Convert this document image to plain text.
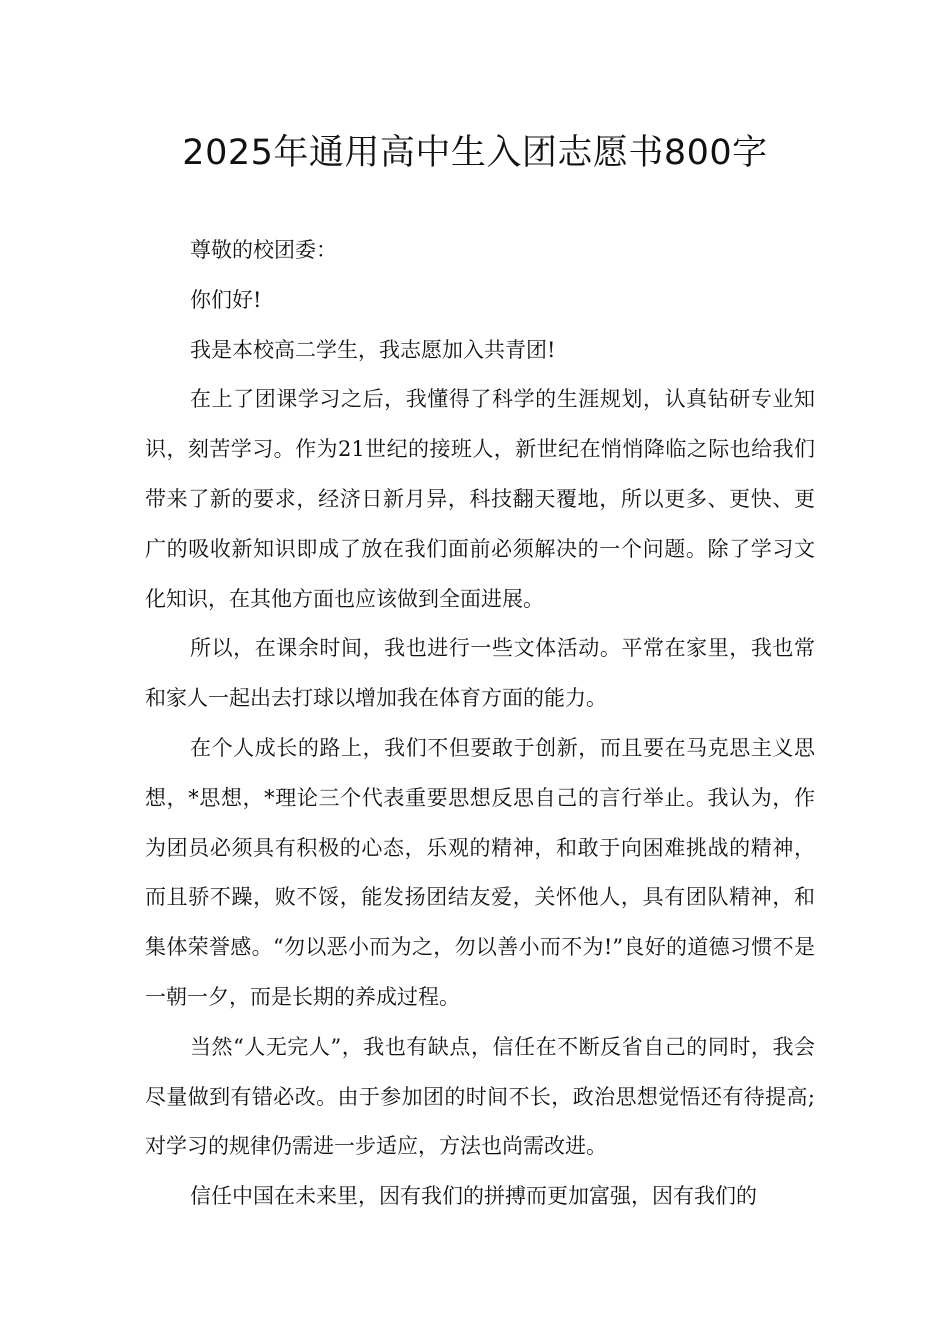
2025年通用高中生入团志愿书800字

尊敬的校团委：

你们好!

我是本校高二学生，我志愿加入共青团!

在上了团课学习之后，我懂得了科学的生涯规划，认真钻研专业知识，刻苦学习。作为21世纪的接班人，新世纪在悄悄降临之际也给我们带来了新的要求，经济日新月异，科技翻天覆地，所以更多、更快、更广的吸收新知识即成了放在我们面前必须解决的一个问题。除了学习文化知识，在其他方面也应该做到全面进展。

所以，在课余时间，我也进行一些文体活动。平常在家里，我也常和家人一起出去打球以增加我在体育方面的能力。

在个人成长的路上，我们不但要敢于创新，而且要在马克思主义思想，*思想，*理论三个代表重要思想反思自己的言行举止。我认为，作为团员必须具有积极的心态，乐观的精神，和敢于向困难挑战的精神，而且骄不躁，败不馁，能发扬团结友爱，关怀他人，具有团队精神，和集体荣誉感。“勿以恶小而为之，勿以善小而不为!”良好的道德习惯不是一朝一夕，而是长期的养成过程。

当然“人无完人”，我也有缺点，信任在不断反省自己的同时，我会尽量做到有错必改。由于参加团的时间不长，政治思想觉悟还有待提高;对学习的规律仍需进一步适应，方法也尚需改进。

信任中国在未来里，因有我们的拼搏而更加富强，因有我们的
